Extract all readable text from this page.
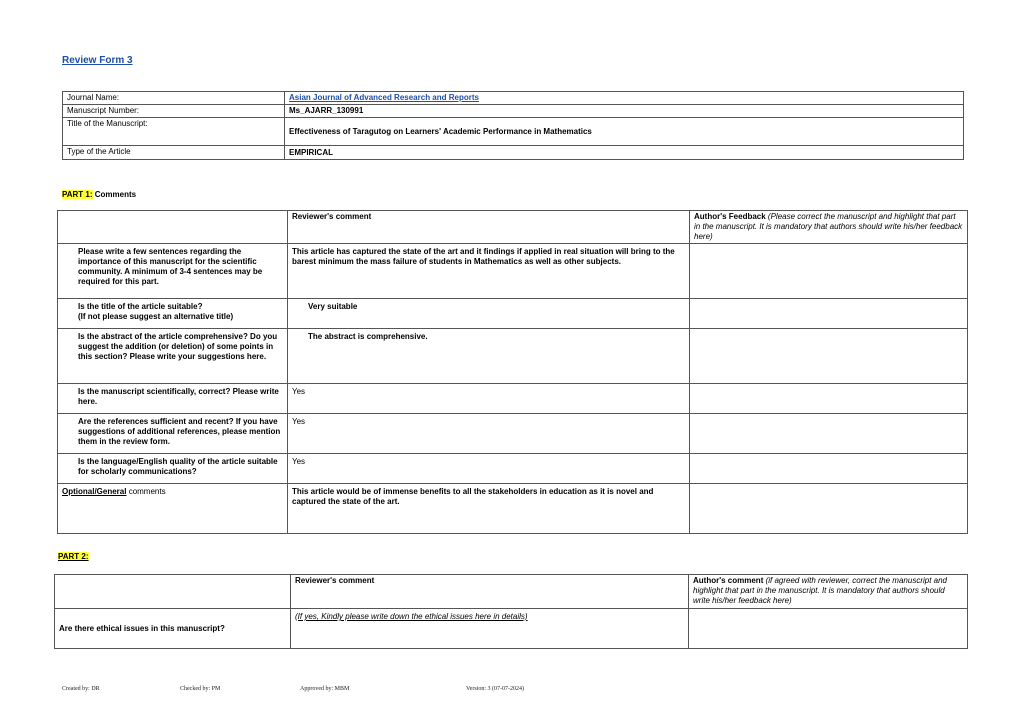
Review Form 3
Journal Name:	Asian Journal of Advanced Research and Reports
Manuscript Number:	Ms_AJARR_130991
Title of the Manuscript:	Effectiveness of Taragutog on Learners' Academic Performance in Mathematics
Type of the Article	EMPIRICAL
PART 1: Comments
	Reviewer's comment	Author's Feedback (Please correct the manuscript and highlight that part in the manuscript. It is mandatory that authors should write his/her feedback here)
Please write a few sentences regarding the importance of this manuscript for the scientific community. A minimum of 3-4 sentences may be required for this part.	This article has captured the state of the art and it findings if applied in real situation will bring to the barest minimum the mass failure of students in Mathematics as well as other subjects.	
Is the title of the article suitable?
(If not please suggest an alternative title)	Very suitable	
Is the abstract of the article comprehensive? Do you suggest the addition (or deletion) of some points in this section? Please write your suggestions here.	The abstract is comprehensive.	
Is the manuscript scientifically, correct? Please write here.	Yes	
Are the references sufficient and recent? If you have suggestions of additional references, please mention them in the review form.	Yes	
Is the language/English quality of the article suitable for scholarly communications?	Yes	
Optional/General comments	This article would be of immense benefits to all the stakeholders in education as it is novel and captured the state of the art.	
PART 2:
	Reviewer's comment	Author's comment (if agreed with reviewer, correct the manuscript and highlight that part in the manuscript. It is mandatory that authors should write his/her feedback here)
Are there ethical issues in this manuscript?	(If yes, Kindly please write down the ethical issues here in details)	
Created by: DR	Checked by: PM	Approved by: MBM	Version: 3 (07-07-2024)
